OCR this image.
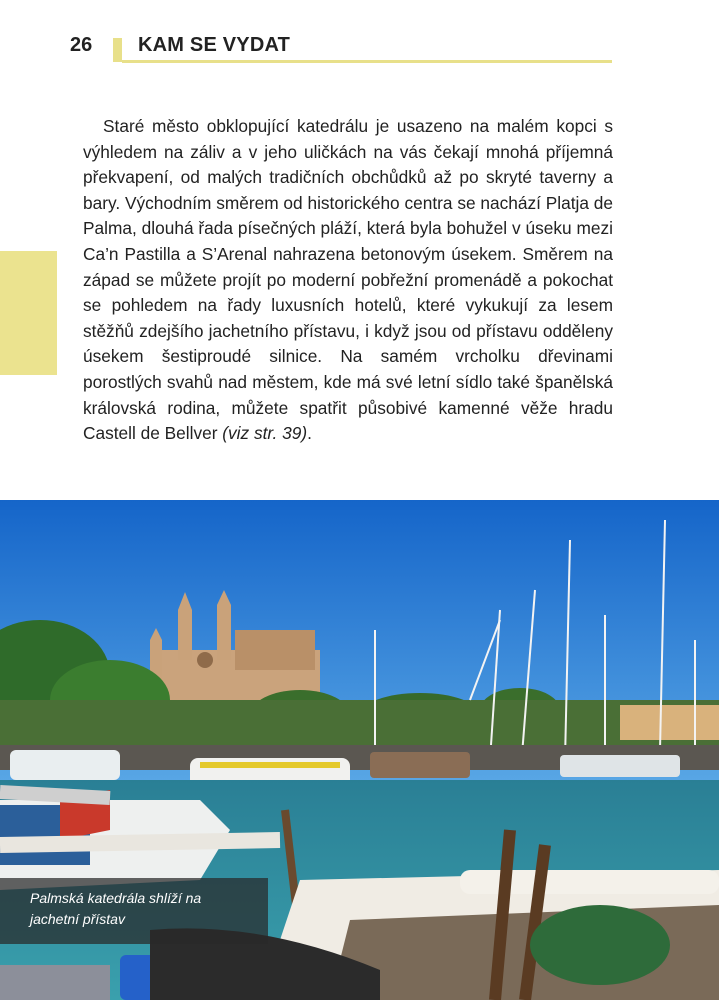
26 KAM SE VYDAT

Staré město obklopující katedrálu je usazeno na malém kopci s výhledem na záliv a v jeho uličkách na vás čekají mnohá příjemná překvapení, od malých tradičních obchůdků až po skryté taverny a bary. Východním směrem od historického centra se nachází Platja de Palma, dlouhá řada písečných pláží, která byla bohužel v úseku mezi Ca’n Pastilla a S’Arenal nahrazena betonovým úsekem. Směrem na západ se můžete projít po moderní pobřežní promenádě a pokochat se pohledem na řady luxusních hotelů, které vykukují za lesem stěžňů zdejšího jachetního přístavu, i když jsou od přístavu odděleny úsekem šestiproudé silnice. Na samém vrcholku dřevinami porostlých svahů nad městem, kde má své letní sídlo také španělská královská rodina, můžete spatřit působivé kamenné věže hradu Castell de Bellver (viz str. 39).

Palmská katedrála shlíží na
jachetní přístav
